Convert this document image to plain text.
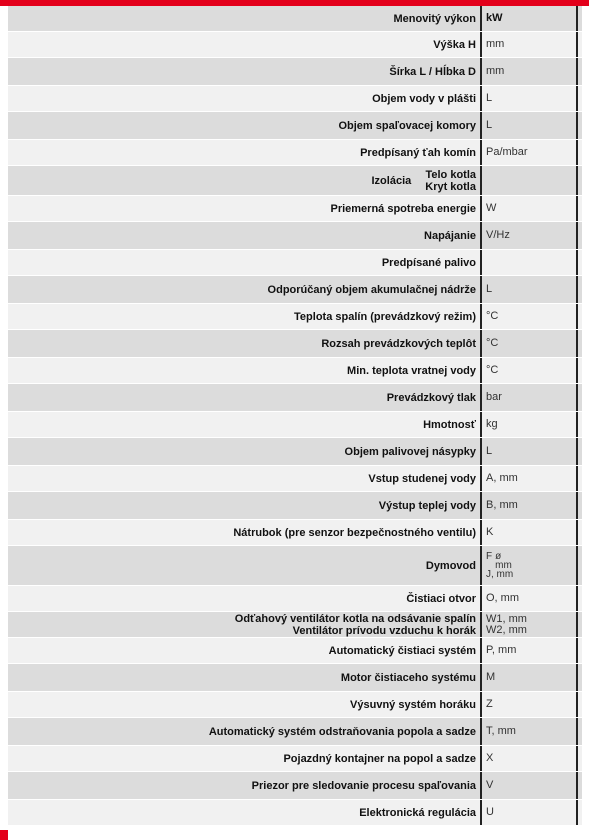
Menovitý výkon kW
Výška H mm
Šírka L / Hĺbka D mm
Objem vody v plášti L
Objem spaľovacej komory L
Predpísaný ťah komín Pa/mbar
Izolácia Telo kotla
Kryt kotla
Priemerná spotreba energie W
Napájanie V/Hz
Predpísané palivo
Odporúčaný objem akumulačnej nádrže L
Teplota spalín (prevádzkový režim) °C
Rozsah prevádzkových teplôt °C
Min. teplota vratnej vody °C
Prevádzkový tlak bar
Hmotnosť kg
Objem palivovej násypky L
Vstup studenej vody A, mm
Výstup teplej vody B, mm
Nátrubok (pre senzor bezpečnostného ventilu) K
Dymovod
F ø
mm
J, mm
Čistiaci otvor O, mm
Odťahový ventilátor kotla na odsávanie spalín
Ventilátor prívodu vzduchu k horák
W1, mm
W2, mm
Automatický čistiaci systém P, mm
Motor čistiaceho systému M
Výsuvný systém horáku Z
Automatický systém odstraňovania popola a sadze T, mm
Pojazdný kontajner na popol a sadze X
Priezor pre sledovanie procesu spaľovania V
Elektronická regulácia U
